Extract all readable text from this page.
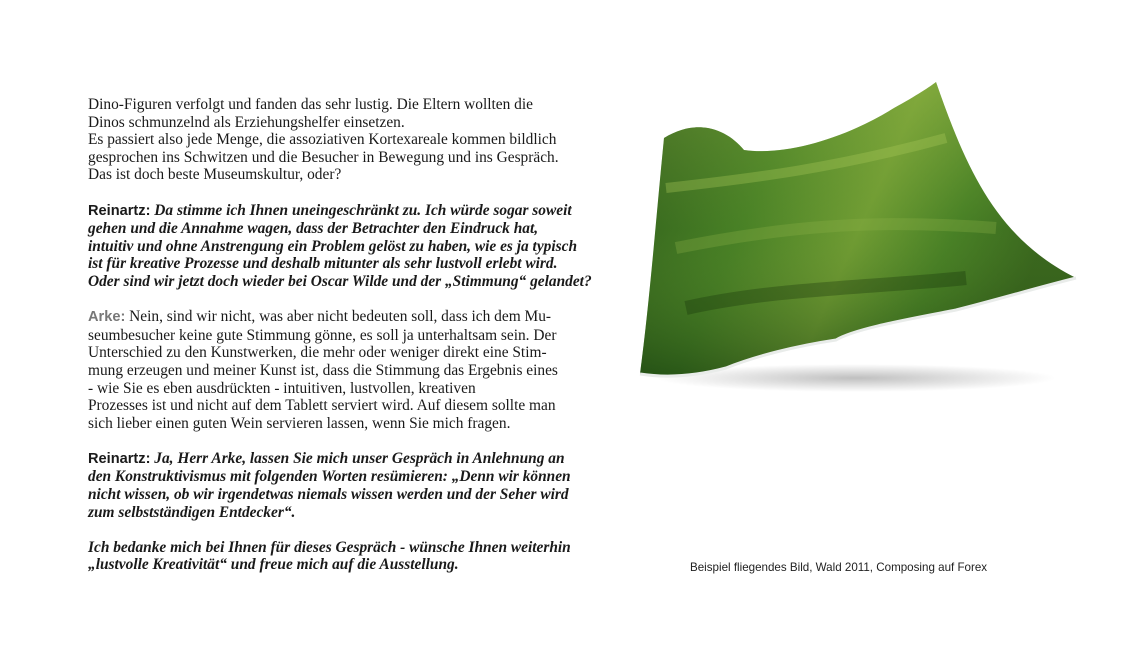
Dino-Figuren verfolgt und fanden das sehr lustig. Die Eltern wollten die
Dinos schmunzelnd als Erziehungshelfer einsetzen.
Es passiert also jede Menge, die assoziativen Kortexareale kommen bildlich
gesprochen ins Schwitzen und die Besucher in Bewegung und ins Gespräch.
Das ist doch beste Museumskultur, oder?

Reinartz: Da stimme ich Ihnen uneingeschränkt zu. Ich würde sogar soweit
gehen und die Annahme wagen, dass der Betrachter den Eindruck hat,
intuitiv und ohne Anstrengung ein Problem gelöst zu haben, wie es ja typisch
ist für kreative Prozesse und deshalb mitunter als sehr lustvoll erlebt wird.
Oder sind wir jetzt doch wieder bei Oscar Wilde und der „Stimmung“ gelandet?

Arke: Nein, sind wir nicht, was aber nicht bedeuten soll, dass ich dem Mu-
seumbesucher keine gute Stimmung gönne, es soll ja unterhaltsam sein. Der
Unterschied zu den Kunstwerken, die mehr oder weniger direkt eine Stim-
mung erzeugen und meiner Kunst ist, dass die Stimmung das Ergebnis eines
- wie Sie es eben ausdrückten - intuitiven, lustvollen, kreativen
Prozesses ist und nicht auf dem Tablett serviert wird. Auf diesem sollte man
sich lieber einen guten Wein servieren lassen, wenn Sie mich fragen.

Reinartz: Ja, Herr Arke, lassen Sie mich unser Gespräch in Anlehnung an
den Konstruktivismus mit folgenden Worten resümieren: „Denn wir können
nicht wissen, ob wir irgendetwas niemals wissen werden und der Seher wird
zum selbstständigen Entdecker“.

Ich bedanke mich bei Ihnen für dieses Gespräch - wünsche Ihnen weiterhin
„lustvolle Kreativität“ und freue mich auf die Ausstellung.	Beispiel fliegendes Bild, Wald 2011, Composing auf Forex
